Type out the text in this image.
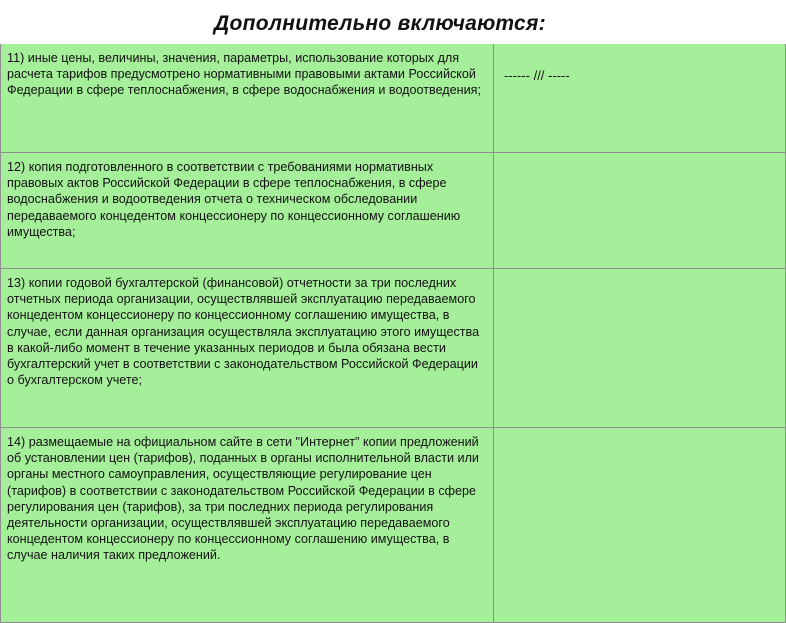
Дополнительно включаются:
11) иные цены, величины, значения, параметры, использование которых для расчета тарифов предусмотрено нормативными правовыми актами Российской Федерации в сфере теплоснабжения, в сфере водоснабжения и водоотведения;	------ /// -----
12) копия подготовленного в соответствии с требованиями нормативных правовых актов Российской Федерации в сфере теплоснабжения, в сфере водоснабжения и водоотведения отчета о техническом обследовании передаваемого концедентом концессионеру по концессионному соглашению имущества;	
13) копии годовой бухгалтерской (финансовой) отчетности за три последних отчетных периода организации, осуществлявшей эксплуатацию передаваемого концедентом концессионеру по концессионному соглашению имущества, в случае, если данная организация осуществляла эксплуатацию этого имущества в какой-либо момент в течение указанных периодов и была обязана вести бухгалтерский учет в соответствии с законодательством Российской Федерации о бухгалтерском учете;	
14) размещаемые на официальном сайте в сети "Интернет" копии предложений об установлении цен (тарифов), поданных в органы исполнительной власти или органы местного самоуправления, осуществляющие регулирование цен (тарифов) в соответствии с законодательством Российской Федерации в сфере регулирования цен (тарифов), за три последних периода регулирования деятельности организации, осуществлявшей эксплуатацию передаваемого концедентом концессионеру по концессионному соглашению имущества, в случае наличия таких предложений.	
